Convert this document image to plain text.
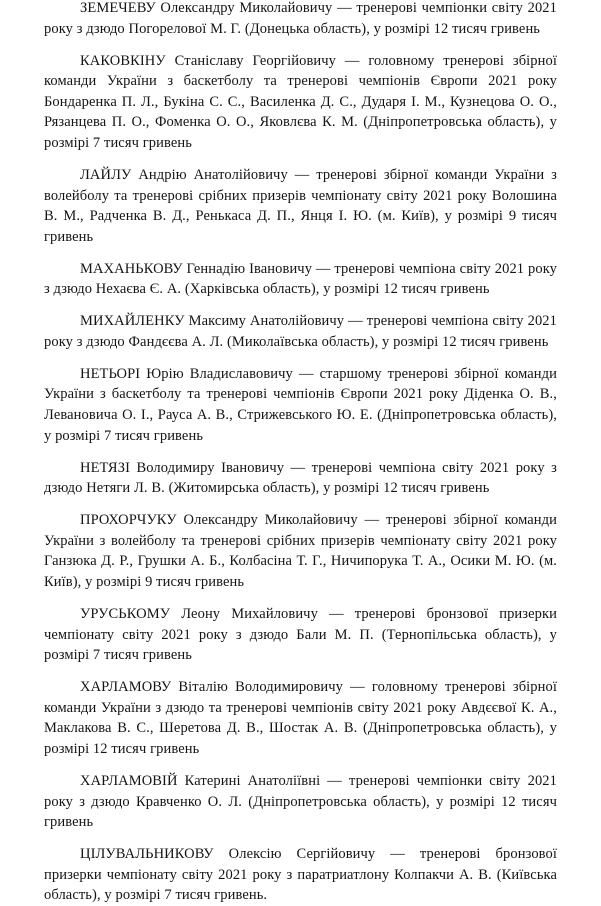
ЗЕМЕЧЕВУ Олександру Миколайовичу — тренерові чемпіонки світу 2021 року з дзюдо Погорелової М. Г. (Донецька область), у розмірі 12 тисяч гривень

КАКОВКІНУ Станіславу Георгійовичу — головному тренерові збірної команди України з баскетболу та тренерові чемпіонів Європи 2021 року Бондаренка П. Л., Букіна С. С., Василенка Д. С., Дударя І. М., Кузнецова О. О., Рязанцева П. О., Фоменка О. О., Яковлєва К. М. (Дніпропетровська область), у розмірі 7 тисяч гривень

ЛАЙЛУ Андрію Анатолійовичу — тренерові збірної команди України з волейболу та тренерові срібних призерів чемпіонату світу 2021 року Волошина В. М., Радченка В. Д., Ренькаса Д. П., Янця І. Ю. (м. Київ), у розмірі 9 тисяч гривень

МАХАНЬКОВУ Геннадію Івановичу — тренерові чемпіона світу 2021 року з дзюдо Нехаєва Є. А. (Харківська область), у розмірі 12 тисяч гривень

МИХАЙЛЕНКУ Максиму Анатолійовичу — тренерові чемпіона світу 2021 року з дзюдо Фандєєва А. Л. (Миколаївська область), у розмірі 12 тисяч гривень

НЕТЬОРІ Юрію Владиславовичу — старшому тренерові збірної команди України з баскетболу та тренерові чемпіонів Європи 2021 року Діденка О. В., Левановича О. І., Рауса А. В., Стрижевського Ю. Е. (Дніпропетровська область), у розмірі 7 тисяч гривень

НЕТЯЗІ Володимиру Івановичу — тренерові чемпіона світу 2021 року з дзюдо Нетяги Л. В. (Житомирська область), у розмірі 12 тисяч гривень

ПРОХОРЧУКУ Олександру Миколайовичу — тренерові збірної команди України з волейболу та тренерові срібних призерів чемпіонату світу 2021 року Ганзюка Д. Р., Грушки А. Б., Колбасіна Т. Г., Ничипорука Т. А., Осики М. Ю. (м. Київ), у розмірі 9 тисяч гривень

УРУСЬКОМУ Леону Михайловичу — тренерові бронзової призерки чемпіонату світу 2021 року з дзюдо Бали М. П. (Тернопільська область), у розмірі 7 тисяч гривень

ХАРЛАМОВУ Віталію Володимировичу — головному тренерові збірної команди України з дзюдо та тренерові чемпіонів світу 2021 року Авдєєвої К. А., Маклакова В. С., Шеретова Д. В., Шостак А. В. (Дніпропетровська область), у розмірі 12 тисяч гривень

ХАРЛАМОВІЙ Катерині Анатоліївні — тренерові чемпіонки світу 2021 року з дзюдо Кравченко О. Л. (Дніпропетровська область), у розмірі 12 тисяч гривень

ЦІЛУВАЛЬНИКОВУ Олексію Сергійовичу — тренерові бронзової призерки чемпіонату світу 2021 року з паратриатлону Колпакчи А. В. (Київська область), у розмірі 7 тисяч гривень.
